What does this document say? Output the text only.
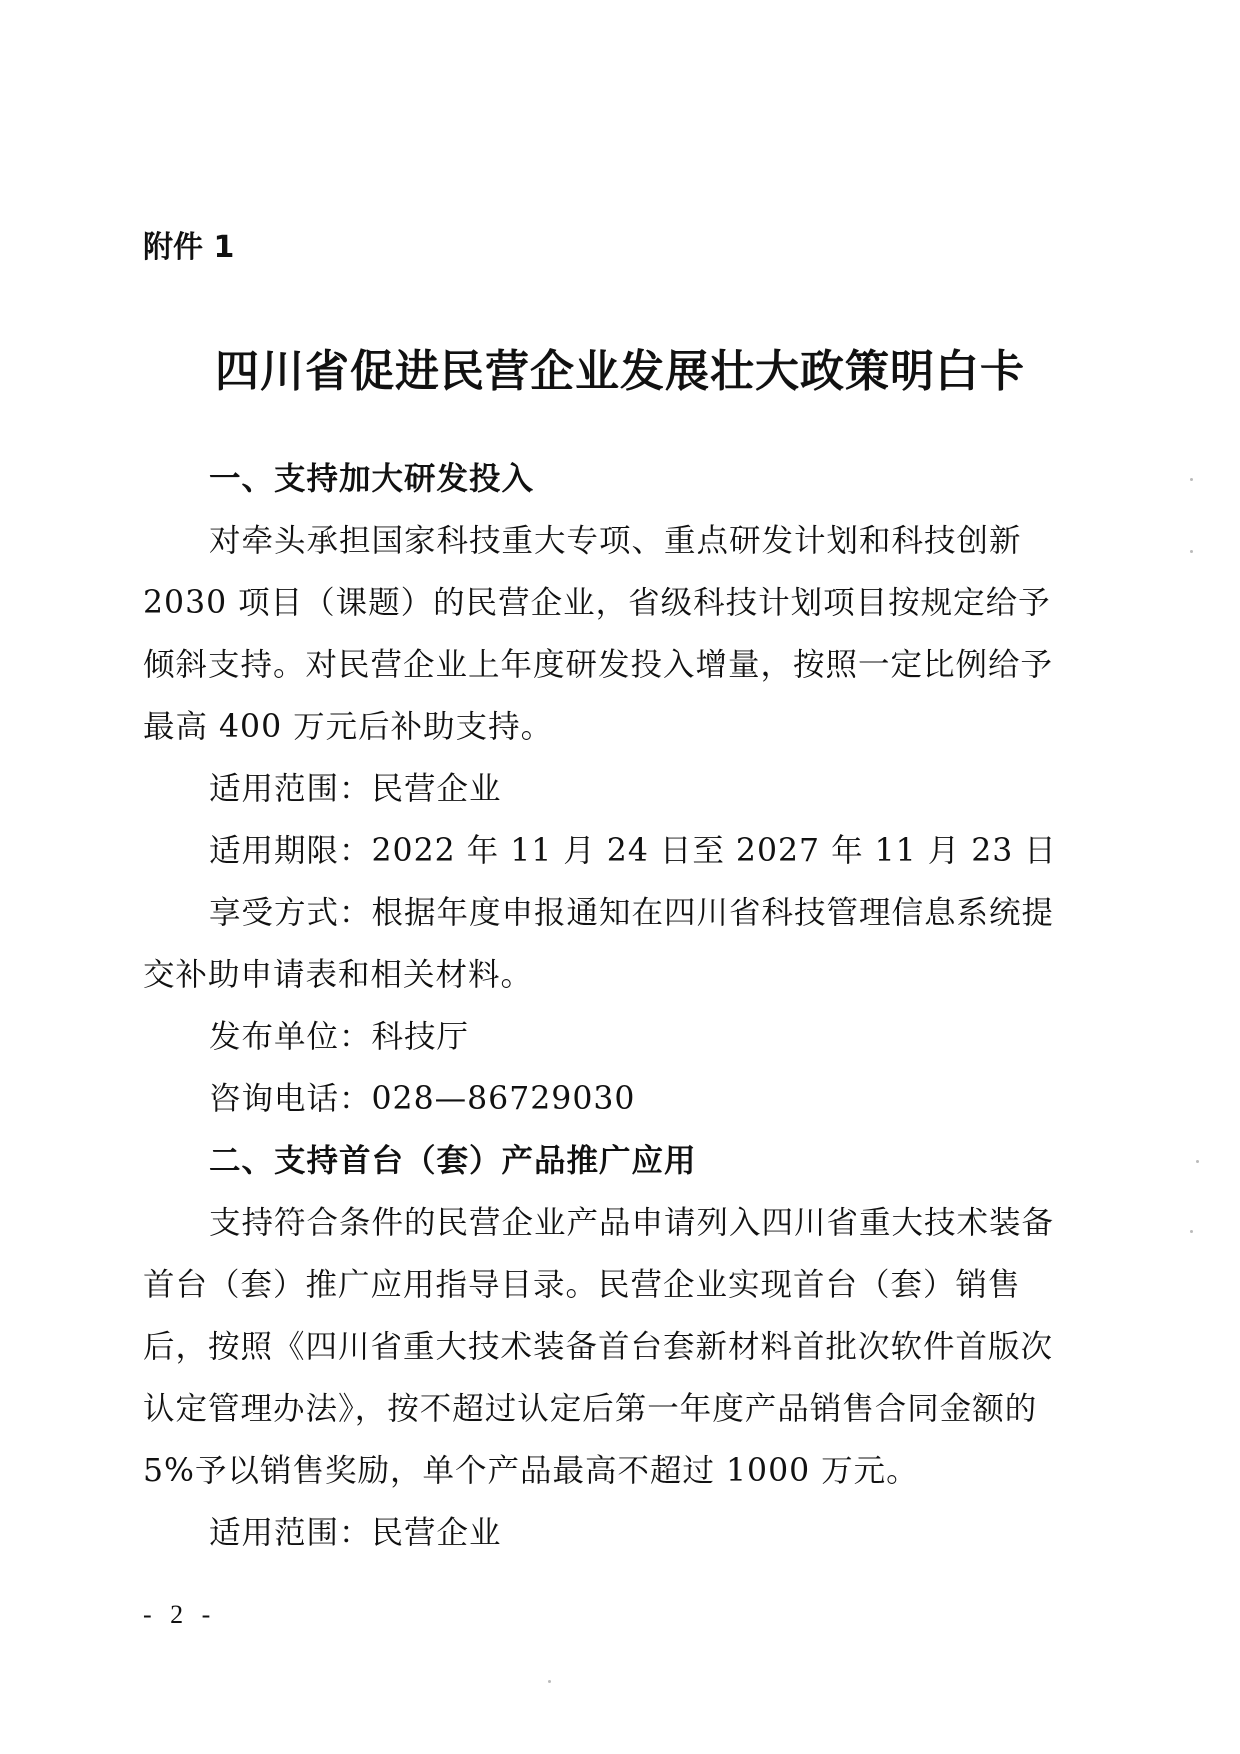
附件 1
四川省促进民营企业发展壮大政策明白卡

一、支持加大研发投入

对牵头承担国家科技重大专项、重点研发计划和科技创新2030 项目（课题）的民营企业，省级科技计划项目按规定给予倾斜支持。对民营企业上年度研发投入增量，按照一定比例给予最高 400 万元后补助支持。

适用范围：民营企业

适用期限：2022 年 11 月 24 日至 2027 年 11 月 23 日

享受方式：根据年度申报通知在四川省科技管理信息系统提交补助申请表和相关材料。

发布单位：科技厅

咨询电话：028—86729030

二、支持首台（套）产品推广应用

支持符合条件的民营企业产品申请列入四川省重大技术装备首台（套）推广应用指导目录。民营企业实现首台（套）销售后，按照《四川省重大技术装备首台套新材料首批次软件首版次认定管理办法》，按不超过认定后第一年度产品销售合同金额的5%予以销售奖励，单个产品最高不超过 1000 万元。

适用范围：民营企业

- 2 -
